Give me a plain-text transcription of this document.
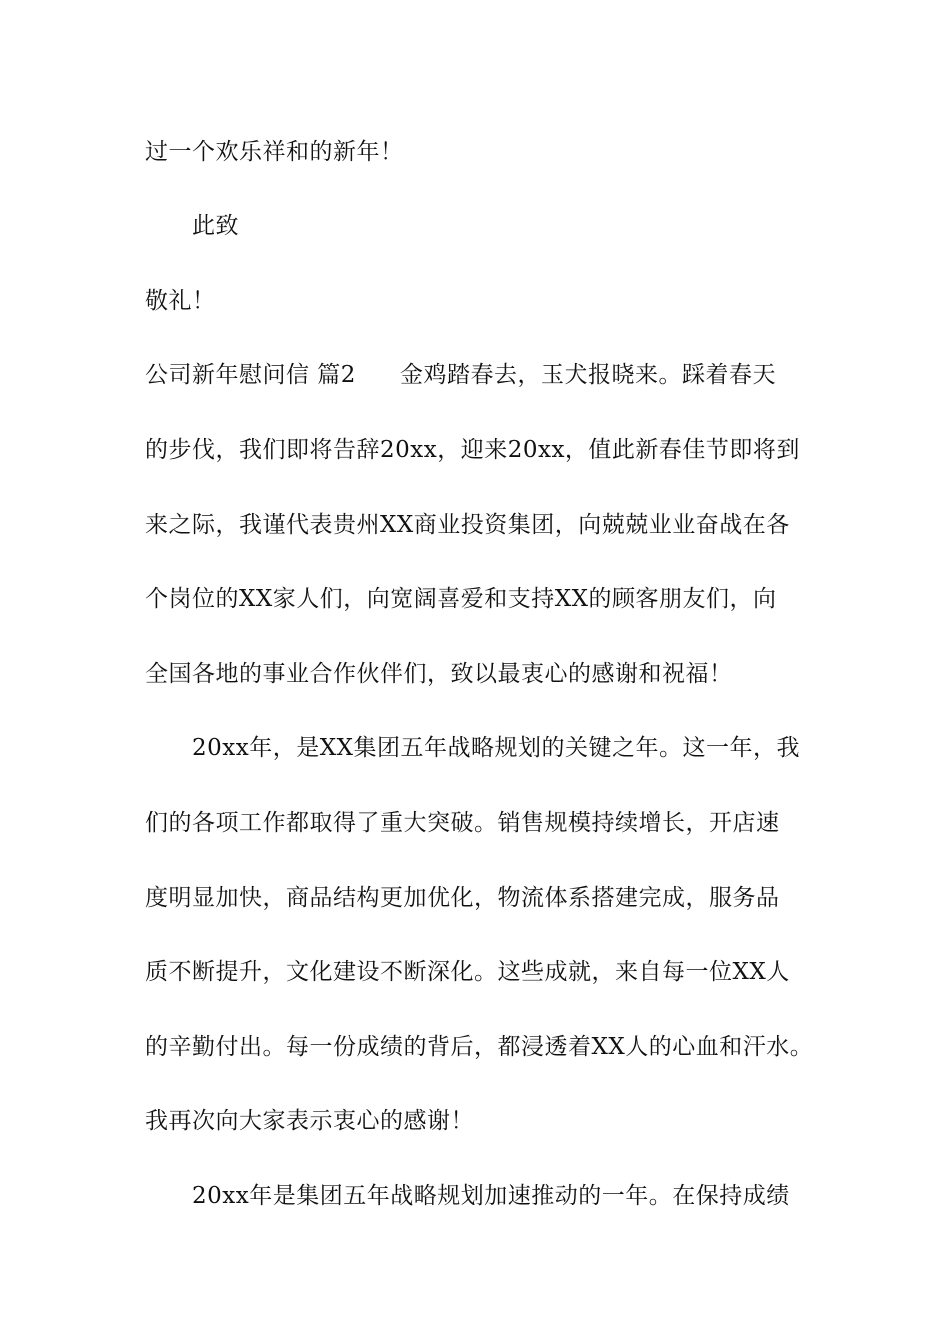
过一个欢乐祥和的新年！
此致
敬礼！
公司新年慰问信 篇2 金鸡踏春去，玉犬报晓来。踩着春天
的步伐，我们即将告辞20xx，迎来20xx，值此新春佳节即将到
来之际，我谨代表贵州XX商业投资集团，向兢兢业业奋战在各
个岗位的XX家人们，向宽阔喜爱和支持XX的顾客朋友们，向
全国各地的事业合作伙伴们，致以最衷心的感谢和祝福！
20xx年，是XX集团五年战略规划的关键之年。这一年，我
们的各项工作都取得了重大突破。销售规模持续增长，开店速
度明显加快，商品结构更加优化，物流体系搭建完成，服务品
质不断提升，文化建设不断深化。这些成就，来自每一位XX人
的辛勤付出。每一份成绩的背后，都浸透着XX人的心血和汗水。
我再次向大家表示衷心的感谢！
20xx年是集团五年战略规划加速推动的一年。在保持成绩
